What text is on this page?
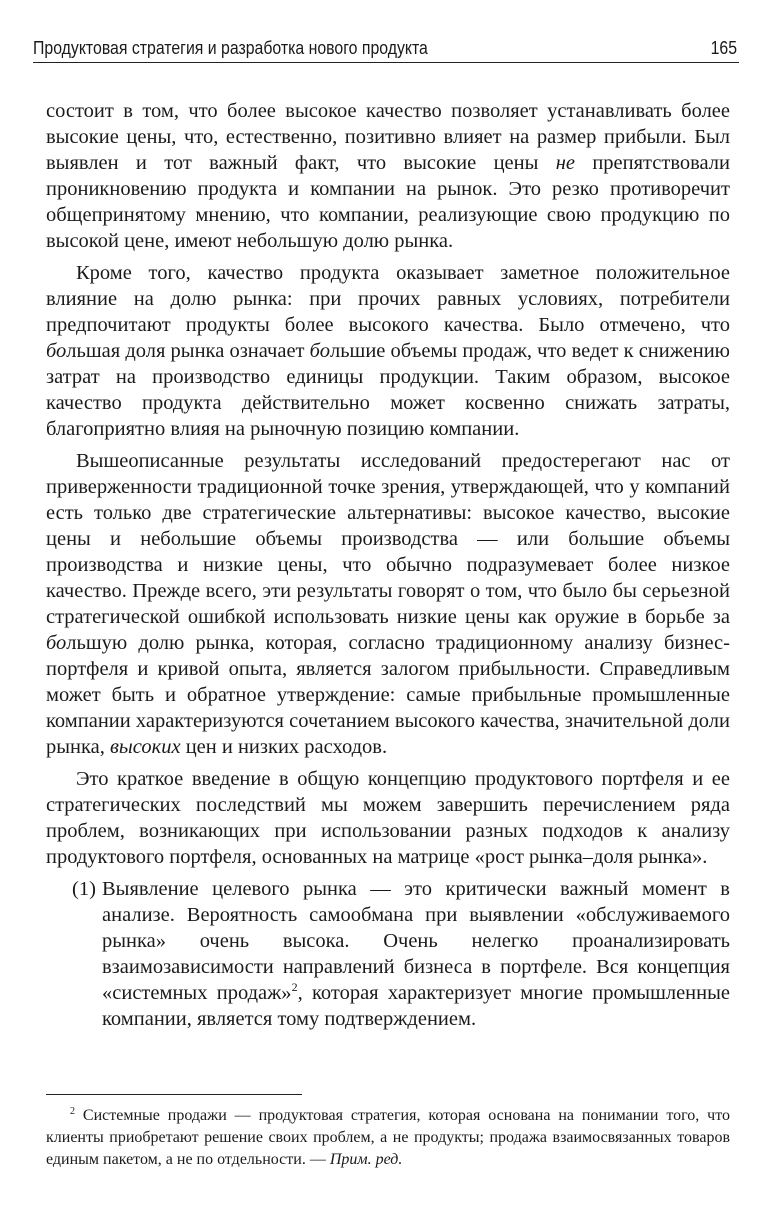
Продуктовая стратегия и разработка нового продукта	165

состоит в том, что более высокое качество позволяет устанавливать более высокие цены, что, естественно, позитивно влияет на размер прибыли. Был выявлен и тот важный факт, что высокие цены не препятствовали проникновению продукта и компании на рынок. Это резко противоречит общепринятому мнению, что компании, реализующие свою продукцию по высокой цене, имеют небольшую долю рынка.

Кроме того, качество продукта оказывает заметное положительное влияние на долю рынка: при прочих равных условиях, потребители предпочитают продукты более высокого качества. Было отмечено, что большая доля рынка означает большие объемы продаж, что ведет к снижению затрат на производство единицы продукции. Таким образом, высокое качество продукта действительно может косвенно снижать затраты, благоприятно влияя на рыночную позицию компании.

Вышеописанные результаты исследований предостерегают нас от приверженности традиционной точке зрения, утверждающей, что у компаний есть только две стратегические альтернативы: высокое качество, высокие цены и небольшие объемы производства — или большие объемы производства и низкие цены, что обычно подразумевает более низкое качество. Прежде всего, эти результаты говорят о том, что было бы серьезной стратегической ошибкой использовать низкие цены как оружие в борьбе за большую долю рынка, которая, согласно традиционному анализу бизнес-портфеля и кривой опыта, является залогом прибыльности. Справедливым может быть и обратное утверждение: самые прибыльные промышленные компании характеризуются сочетанием высокого качества, значительной доли рынка, высоких цен и низких расходов.

Это краткое введение в общую концепцию продуктового портфеля и ее стратегических последствий мы можем завершить перечислением ряда проблем, возникающих при использовании разных подходов к анализу продуктового портфеля, основанных на матрице «рост рынка–доля рынка».

(1) Выявление целевого рынка — это критически важный момент в анализе. Вероятность самообмана при выявлении «обслуживаемого рынка» очень высока. Очень нелегко проанализировать взаимозависимости направлений бизнеса в портфеле. Вся концепция «системных продаж»$^2$, которая характеризует многие промышленные компании, является тому подтверждением.
$^2$ Системные продажи — продуктовая стратегия, которая основана на понимании того, что клиенты приобретают решение своих проблем, а не продукты; продажа взаимосвязанных товаров единым пакетом, а не по отдельности. — Прим. ред.
